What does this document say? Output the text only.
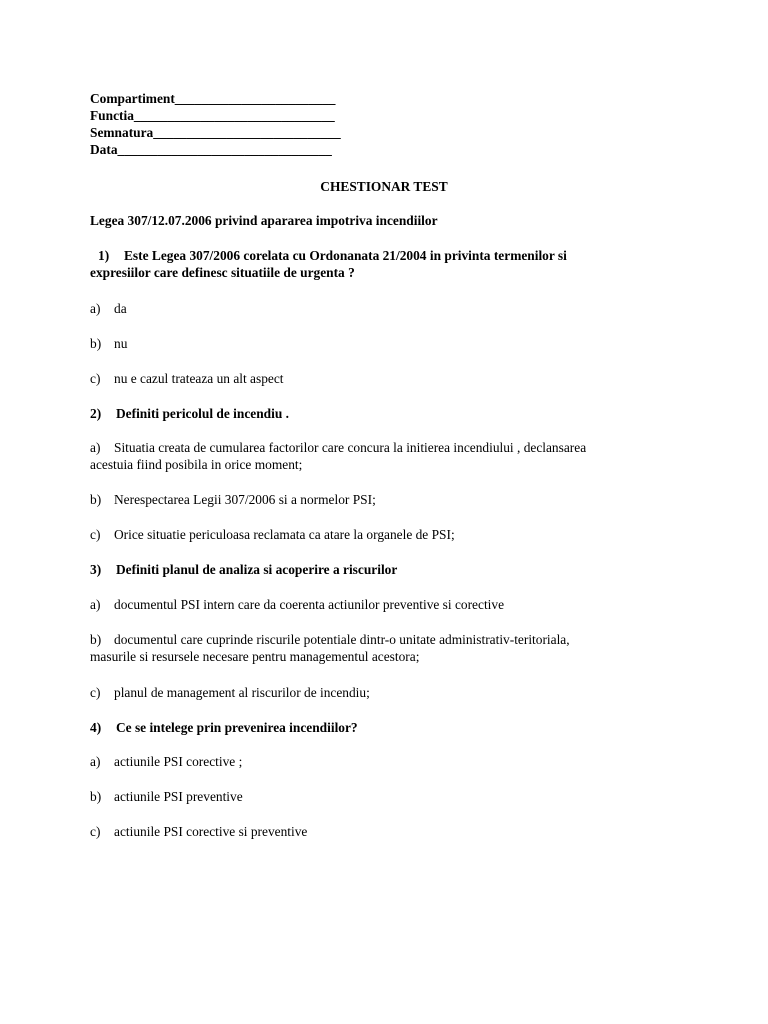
Compartiment________________________
Functia______________________________
Semnatura____________________________
Data________________________________
CHESTIONAR TEST
Legea 307/12.07.2006 privind apararea impotriva incendiilor
1) Este Legea 307/2006 corelata cu Ordonanata 21/2004 in privinta termenilor si
expresiilor care definesc situatiile de urgenta ?
a) da
b) nu
c) nu e cazul trateaza un alt aspect
2) Definiti pericolul de incendiu .
a) Situatia creata de cumularea factorilor care concura la initierea incendiului , declansarea
acestuia fiind posibila in orice moment;
b) Nerespectarea Legii 307/2006 si a normelor PSI;
c) Orice situatie periculoasa reclamata ca atare la organele de PSI;
3) Definiti planul de analiza si acoperire a riscurilor
a) documentul PSI intern care da coerenta actiunilor preventive si corective
b) documentul care cuprinde riscurile potentiale dintr-o unitate administrativ-teritoriala,
masurile si resursele necesare pentru managementul acestora;
c) planul de management al riscurilor de incendiu;
4) Ce se intelege prin prevenirea incendiilor?
a) actiunile PSI corective ;
b) actiunile PSI preventive
c) actiunile PSI corective si preventive
